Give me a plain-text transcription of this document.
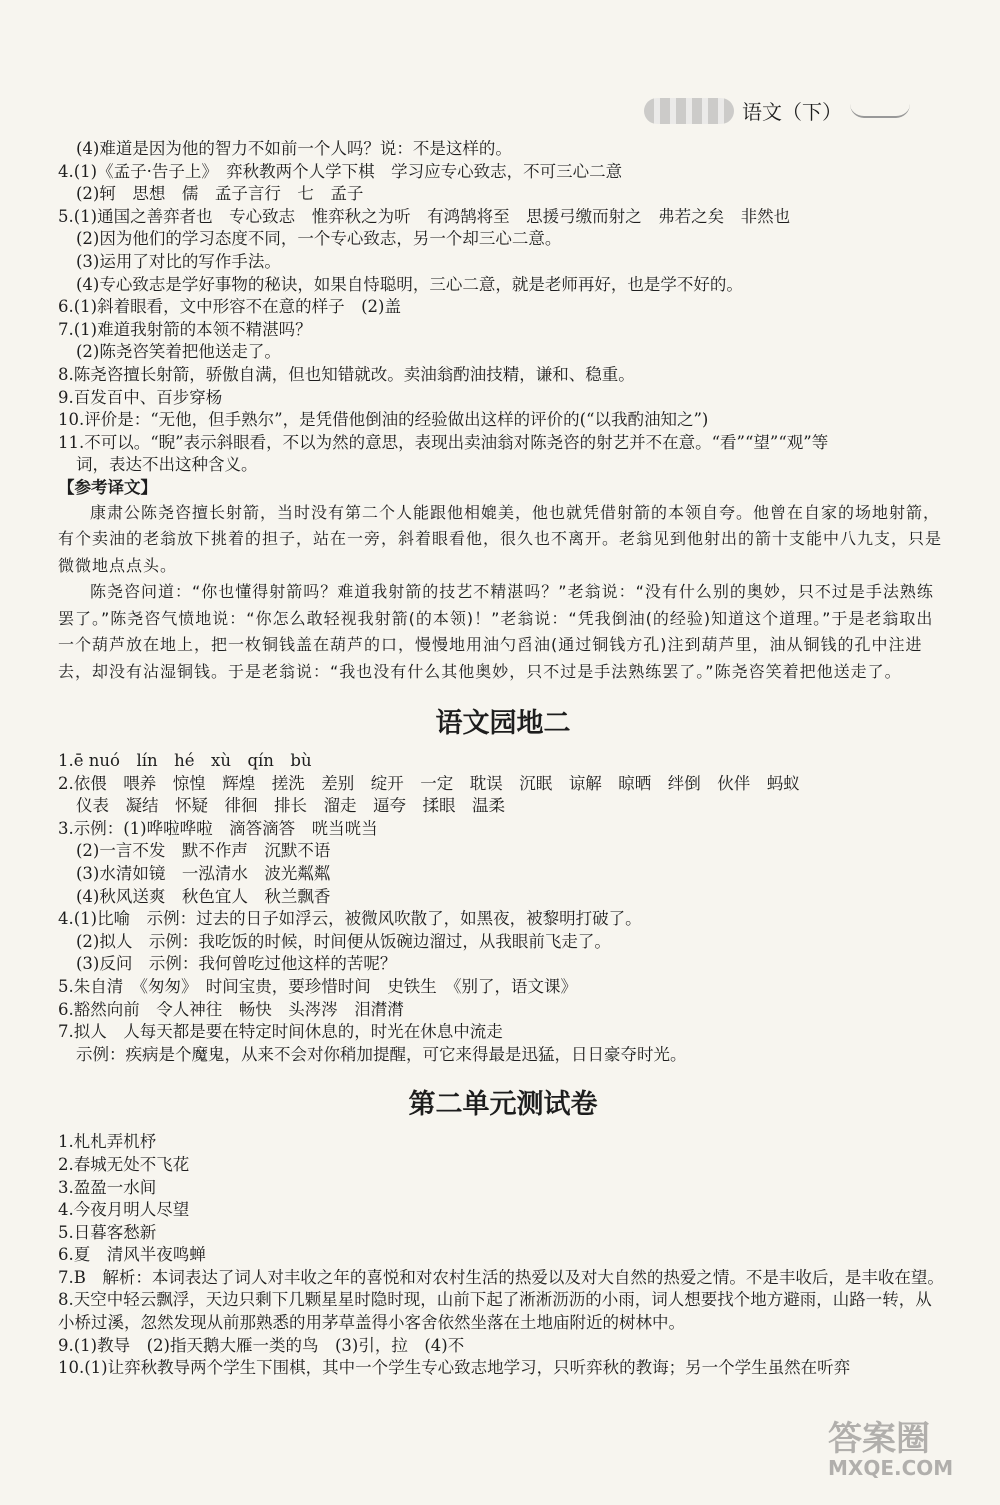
语文（下）
(4)难道是因为他的智力不如前一个人吗？说：不是这样的。
4.(1)《孟子·告子上》　弈秋教两个人学下棋　学习应专心致志，不可三心二意
(2)轲　思想　儒　孟子言行　七　孟子
5.(1)通国之善弈者也　专心致志　惟弈秋之为听　有鸿鹄将至　思援弓缴而射之　弗若之矣　非然也
(2)因为他们的学习态度不同，一个专心致志，另一个却三心二意。
(3)运用了对比的写作手法。
(4)专心致志是学好事物的秘诀，如果自恃聪明，三心二意，就是老师再好，也是学不好的。
6.(1)斜着眼看，文中形容不在意的样子　(2)盖
7.(1)难道我射箭的本领不精湛吗？
(2)陈尧咨笑着把他送走了。
8.陈尧咨擅长射箭，骄傲自满，但也知错就改。卖油翁酌油技精，谦和、稳重。
9.百发百中、百步穿杨
10.评价是：“无他，但手熟尔”，是凭借他倒油的经验做出这样的评价的(“以我酌油知之”)
11.不可以。“睨”表示斜眼看，不以为然的意思，表现出卖油翁对陈尧咨的射艺并不在意。“看”“望”“观”等
词，表达不出这种含义。
【参考译文】

康肃公陈尧咨擅长射箭，当时没有第二个人能跟他相媲美，他也就凭借射箭的本领自夸。他曾在自家的场地射箭，有个卖油的老翁放下挑着的担子，站在一旁，斜着眼看他，很久也不离开。老翁见到他射出的箭十支能中八九支，只是微微地点点头。

陈尧咨问道：“你也懂得射箭吗？难道我射箭的技艺不精湛吗？”老翁说：“没有什么别的奥妙，只不过是手法熟练罢了。”陈尧咨气愤地说：“你怎么敢轻视我射箭(的本领)！”老翁说：“凭我倒油(的经验)知道这个道理。”于是老翁取出一个葫芦放在地上，把一枚铜钱盖在葫芦的口，慢慢地用油勺舀油(通过铜钱方孔)注到葫芦里，油从铜钱的孔中注进去，却没有沾湿铜钱。于是老翁说：“我也没有什么其他奥妙，只不过是手法熟练罢了。”陈尧咨笑着把他送走了。

语文园地二
1.ē nuó　lín　hé　xù　qín　bù
2.依偎　喂养　惊惶　辉煌　搓洗　差别　绽开　一定　耽误　沉眠　谅解　晾晒　绊倒　伙伴　蚂蚁
仪表　凝结　怀疑　徘徊　排长　溜走　逼夸　揉眼　温柔
3.示例：(1)哗啦哗啦　滴答滴答　咣当咣当
(2)一言不发　默不作声　沉默不语
(3)水清如镜　一泓清水　波光粼粼
(4)秋风送爽　秋色宜人　秋兰飘香
4.(1)比喻　示例：过去的日子如浮云，被微风吹散了，如黑夜，被黎明打破了。
(2)拟人　示例：我吃饭的时候，时间便从饭碗边溜过，从我眼前飞走了。
(3)反问　示例：我何曾吃过他这样的苦呢？
5.朱自清　《匆匆》　时间宝贵，要珍惜时间　史铁生　《别了，语文课》
6.豁然向前　令人神往　畅快　头涔涔　泪潸潸
7.拟人　人每天都是要在特定时间休息的，时光在休息中流走
示例：疾病是个魔鬼，从来不会对你稍加提醒，可它来得最是迅猛，日日豪夺时光。
第二单元测试卷
1.札札弄机杼
2.春城无处不飞花
3.盈盈一水间
4.今夜月明人尽望
5.日暮客愁新
6.夏　清风半夜鸣蝉
7.B　解析：本词表达了词人对丰收之年的喜悦和对农村生活的热爱以及对大自然的热爱之情。不是丰收后，是丰收在望。
8.天空中轻云飘浮，天边只剩下几颗星星时隐时现，山前下起了淅淅沥沥的小雨，词人想要找个地方避雨，山路一转，从小桥过溪，忽然发现从前那熟悉的用茅草盖得小客舍依然坐落在土地庙附近的树林中。
9.(1)教导　(2)指天鹅大雁一类的鸟　(3)引，拉　(4)不
10.(1)让弈秋教导两个学生下围棋，其中一个学生专心致志地学习，只听弈秋的教诲；另一个学生虽然在听弈
答案圈
MXQE.COM
